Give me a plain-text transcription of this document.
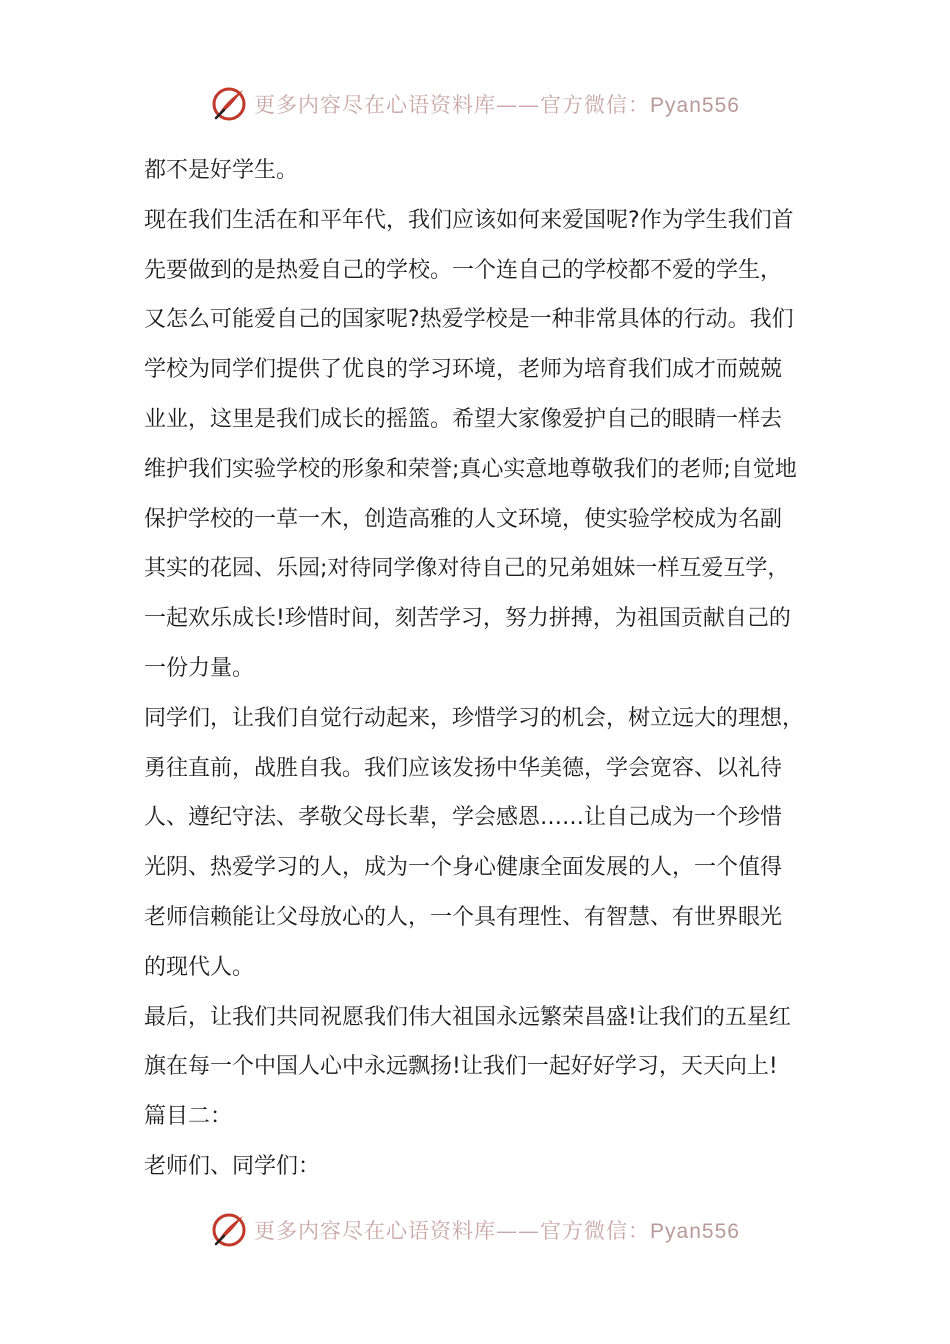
更多内容尽在心语资料库——官方微信：Pyan556
都不是好学生。
现在我们生活在和平年代，我们应该如何来爱国呢?作为学生我们首
先要做到的是热爱自己的学校。一个连自己的学校都不爱的学生，
又怎么可能爱自己的国家呢?热爱学校是一种非常具体的行动。我们
学校为同学们提供了优良的学习环境，老师为培育我们成才而兢兢
业业，这里是我们成长的摇篮。希望大家像爱护自己的眼睛一样去
维护我们实验学校的形象和荣誉;真心实意地尊敬我们的老师;自觉地
保护学校的一草一木，创造高雅的人文环境，使实验学校成为名副
其实的花园、乐园;对待同学像对待自己的兄弟姐妹一样互爱互学，
一起欢乐成长!珍惜时间，刻苦学习，努力拼搏，为祖国贡献自己的
一份力量。
同学们，让我们自觉行动起来，珍惜学习的机会，树立远大的理想，
勇往直前，战胜自我。我们应该发扬中华美德，学会宽容、以礼待
人、遵纪守法、孝敬父母长辈，学会感恩……让自己成为一个珍惜
光阴、热爱学习的人，成为一个身心健康全面发展的人，一个值得
老师信赖能让父母放心的人，一个具有理性、有智慧、有世界眼光
的现代人。
最后，让我们共同祝愿我们伟大祖国永远繁荣昌盛!让我们的五星红
旗在每一个中国人心中永远飘扬!让我们一起好好学习，天天向上!
篇目二：
老师们、同学们：
更多内容尽在心语资料库——官方微信：Pyan556
